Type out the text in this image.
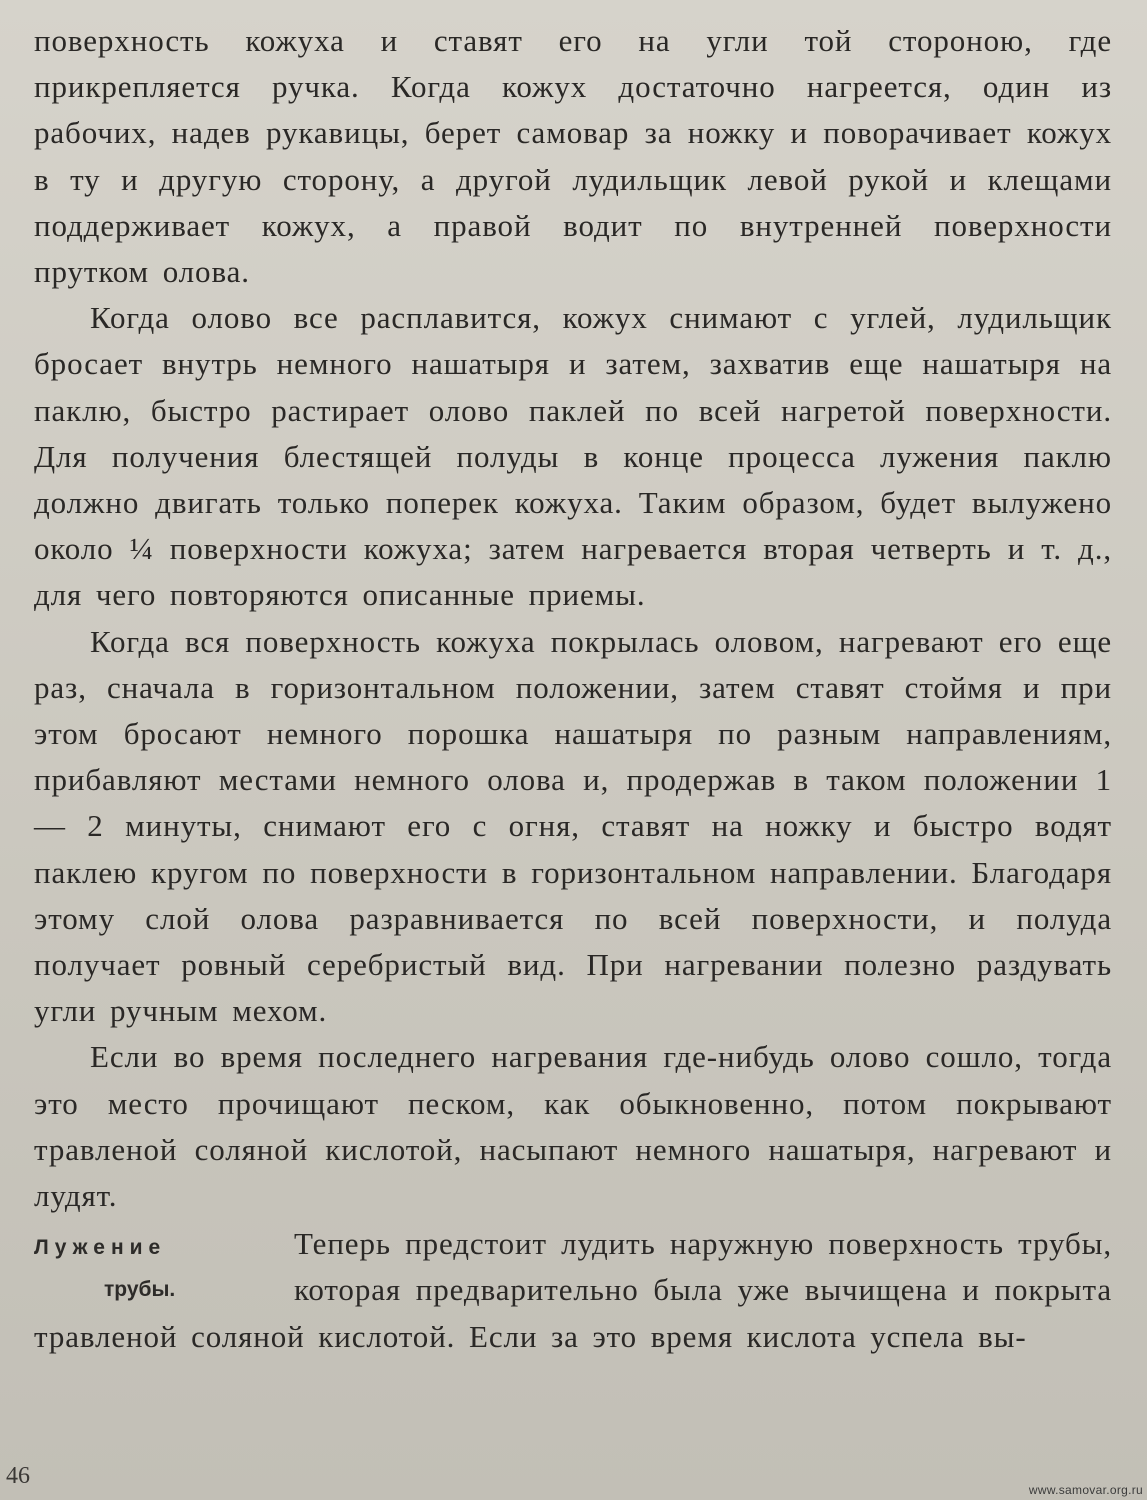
поверхность кожуха и ставят его на угли той стороною, где прикрепляется ручка. Когда кожух достаточно нагреется, один из рабочих, надев рукавицы, берет самовар за ножку и поворачивает кожух в ту и другую сторону, а другой лудильщик левой рукой и клещами поддерживает кожух, а правой водит по внутренней поверхности прутком олова.

Когда олово все расплавится, кожух снимают с углей, лудильщик бросает внутрь немного нашатыря и затем, захватив еще нашатыря на паклю, быстро растирает олово паклей по всей нагретой поверхности. Для получения блестящей полуды в конце процесса лужения паклю должно двигать только поперек кожуха. Таким образом, будет вылужено около ¼ поверхности кожуха; затем нагревается вторая четверть и т. д., для чего повторяются описанные приемы.

Когда вся поверхность кожуха покрылась оловом, нагревают его еще раз, сначала в горизонтальном положении, затем ставят стоймя и при этом бросают немного порошка нашатыря по разным направлениям, прибавляют местами немного олова и, продержав в таком положении 1 — 2 минуты, снимают его с огня, ставят на ножку и быстро водят паклею кругом по поверхности в горизонтальном направлении. Благодаря этому слой олова разравнивается по всей поверхности, и полуда получает ровный серебристый вид. При нагревании полезно раздувать угли ручным мехом.

Если во время последнего нагревания где-нибудь олово сошло, тогда это место прочищают песком, как обыкновенно, потом покрывают травленой соляной кислотой, насыпают немного нашатыря, нагревают и лудят.

Лужение
трубы.

Теперь предстоит лудить наружную поверхность трубы, которая предварительно была уже вычищена и покрыта травленой соляной кислотой. Если за это время кислота успела вы-

46
www.samovar.org.ru
